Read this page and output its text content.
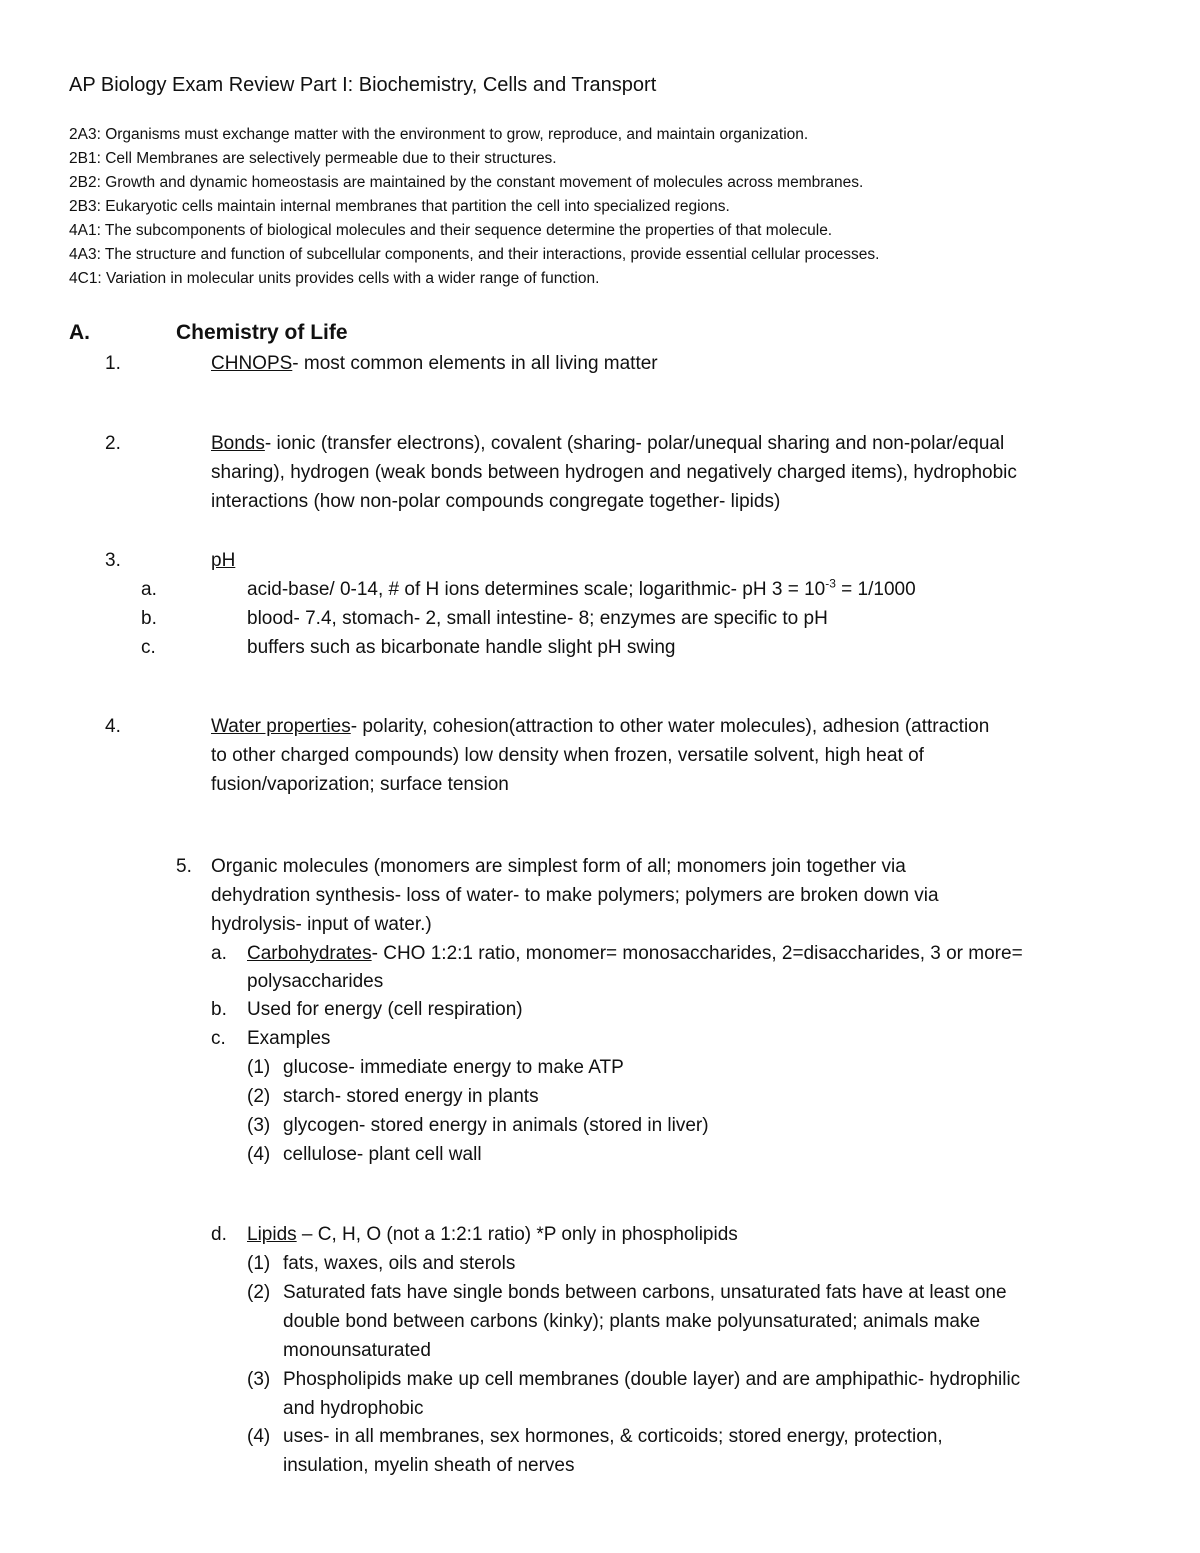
AP Biology Exam Review Part I: Biochemistry, Cells and Transport
2A3: Organisms must exchange matter with the environment to grow, reproduce, and maintain organization.
2B1: Cell Membranes are selectively permeable due to their structures.
2B2: Growth and dynamic homeostasis are maintained by the constant movement of molecules across membranes.
2B3: Eukaryotic cells maintain internal membranes that partition the cell into specialized regions.
4A1: The subcomponents of biological molecules and their sequence determine the properties of that molecule.
4A3: The structure and function of subcellular components, and their interactions, provide essential cellular processes.
4C1: Variation in molecular units provides cells with a wider range of function.
A.	Chemistry of Life
1.	CHNOPS- most common elements in all living matter
2.	Bonds- ionic (transfer electrons), covalent (sharing- polar/unequal sharing and non-polar/equal
sharing), hydrogen (weak bonds between hydrogen and negatively charged items), hydrophobic
interactions (how non-polar compounds congregate together- lipids)
3.	pH
a.	acid-base/ 0-14, # of H ions determines scale; logarithmic- pH $3 = 10^{-3} = 1/1000$
b.	blood- 7.4, stomach- 2, small intestine- 8; enzymes are specific to pH
c.	buffers such as bicarbonate handle slight pH swing
4.	Water properties- polarity, cohesion(attraction to other water molecules), adhesion (attraction
to other charged compounds) low density when frozen, versatile solvent, high heat of
fusion/vaporization; surface tension
5. Organic molecules (monomers are simplest form of all; monomers join together via
dehydration synthesis- loss of water- to make polymers; polymers are broken down via
hydrolysis- input of water.)
a. Carbohydrates- CHO 1:2:1 ratio, monomer= monosaccharides, 2=disaccharides, 3 or more=
polysaccharides
b. Used for energy (cell respiration)
c. Examples
(1) glucose- immediate energy to make ATP
(2) starch- stored energy in plants
(3) glycogen- stored energy in animals (stored in liver)
(4) cellulose- plant cell wall
d. Lipids – C, H, O (not a 1:2:1 ratio) *P only in phospholipids
(1) fats, waxes, oils and sterols
(2) Saturated fats have single bonds between carbons, unsaturated fats have at least one
double bond between carbons (kinky); plants make polyunsaturated; animals make
monounsaturated
(3) Phospholipids make up cell membranes (double layer) and are amphipathic- hydrophilic
and hydrophobic
(4) uses- in all membranes, sex hormones, & corticoids; stored energy, protection,
insulation, myelin sheath of nerves
